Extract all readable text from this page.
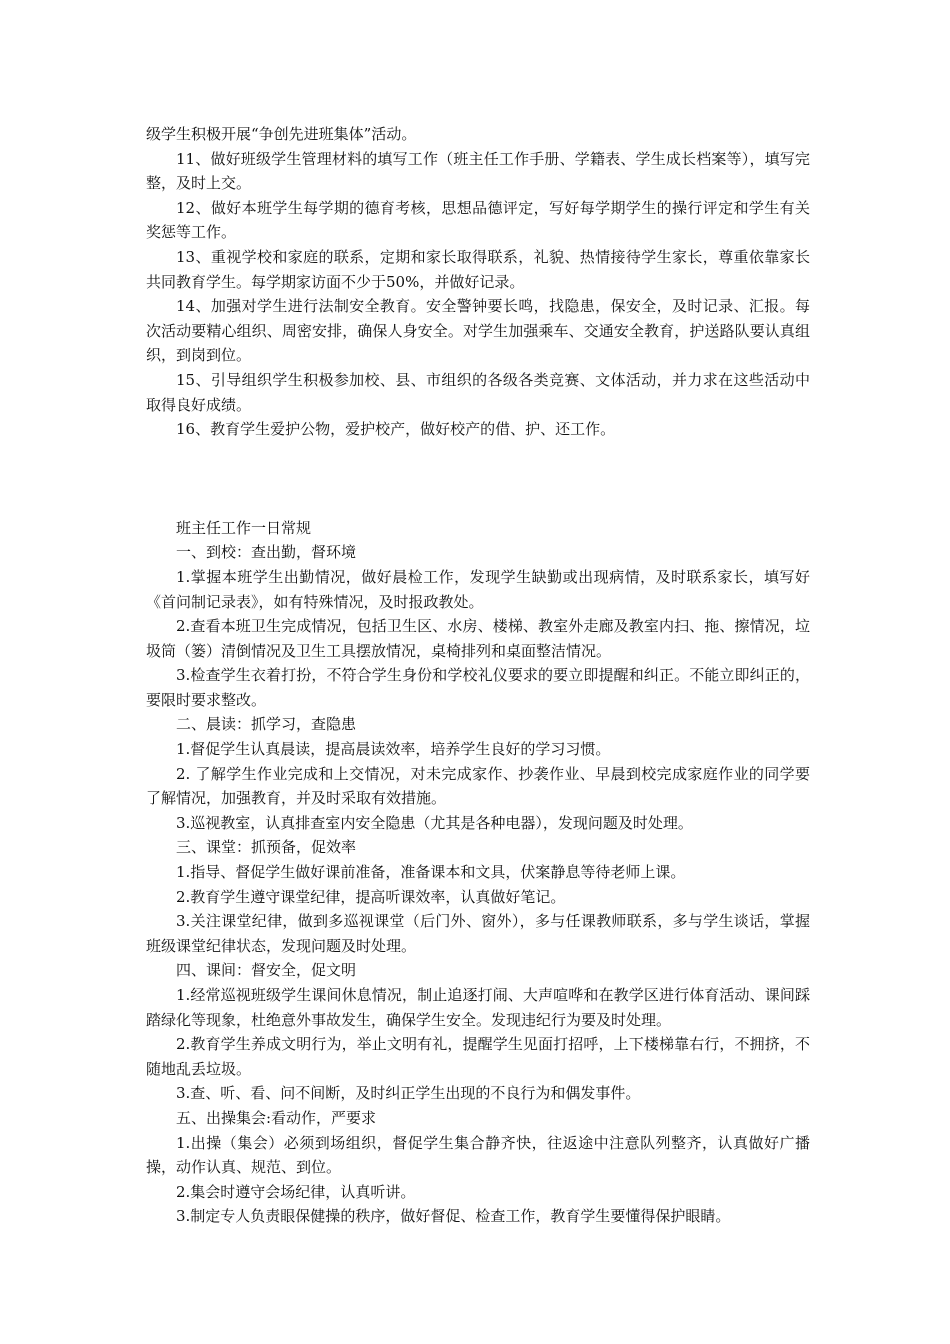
级学生积极开展“争创先进班集体”活动。

11、做好班级学生管理材料的填写工作（班主任工作手册、学籍表、学生成长档案等），填写完整，及时上交。

12、做好本班学生每学期的德育考核，思想品德评定，写好每学期学生的操行评定和学生有关奖惩等工作。

13、重视学校和家庭的联系，定期和家长取得联系，礼貌、热情接待学生家长，尊重依靠家长共同教育学生。每学期家访面不少于50%，并做好记录。

14、加强对学生进行法制安全教育。安全警钟要长鸣，找隐患，保安全，及时记录、汇报。每次活动要精心组织、周密安排，确保人身安全。对学生加强乘车、交通安全教育，护送路队要认真组织，到岗到位。

15、引导组织学生积极参加校、县、市组织的各级各类竞赛、文体活动，并力求在这些活动中取得良好成绩。

16、教育学生爱护公物，爱护校产，做好校产的借、护、还工作。

班主任工作一日常规

一、到校：查出勤，督环境

1.掌握本班学生出勤情况，做好晨检工作，发现学生缺勤或出现病情，及时联系家长，填写好《首问制记录表》，如有特殊情况，及时报政教处。

2.查看本班卫生完成情况，包括卫生区、水房、楼梯、教室外走廊及教室内扫、拖、擦情况，垃圾筒（篓）清倒情况及卫生工具摆放情况，桌椅排列和桌面整洁情况。

3.检查学生衣着打扮，不符合学生身份和学校礼仪要求的要立即提醒和纠正。不能立即纠正的，要限时要求整改。

二、晨读：抓学习，查隐患

1.督促学生认真晨读，提高晨读效率，培养学生良好的学习习惯。

2. 了解学生作业完成和上交情况，对未完成家作、抄袭作业、早晨到校完成家庭作业的同学要了解情况，加强教育，并及时采取有效措施。

3.巡视教室，认真排查室内安全隐患（尤其是各种电器），发现问题及时处理。

三、课堂：抓预备，促效率

1.指导、督促学生做好课前准备，准备课本和文具，伏案静息等待老师上课。

2.教育学生遵守课堂纪律，提高听课效率，认真做好笔记。

3.关注课堂纪律，做到多巡视课堂（后门外、窗外），多与任课教师联系，多与学生谈话，掌握班级课堂纪律状态，发现问题及时处理。

四、课间：督安全，促文明

1.经常巡视班级学生课间休息情况，制止追逐打闹、大声喧哗和在教学区进行体育活动、课间踩踏绿化等现象，杜绝意外事故发生，确保学生安全。发现违纪行为要及时处理。

2.教育学生养成文明行为，举止文明有礼，提醒学生见面打招呼，上下楼梯靠右行，不拥挤，不随地乱丢垃圾。

3.查、听、看、问不间断，及时纠正学生出现的不良行为和偶发事件。

五、出操集会:看动作，严要求

1.出操（集会）必须到场组织，督促学生集合静齐快，往返途中注意队列整齐，认真做好广播操，动作认真、规范、到位。

2.集会时遵守会场纪律，认真听讲。

3.制定专人负责眼保健操的秩序，做好督促、检查工作，教育学生要懂得保护眼睛。
